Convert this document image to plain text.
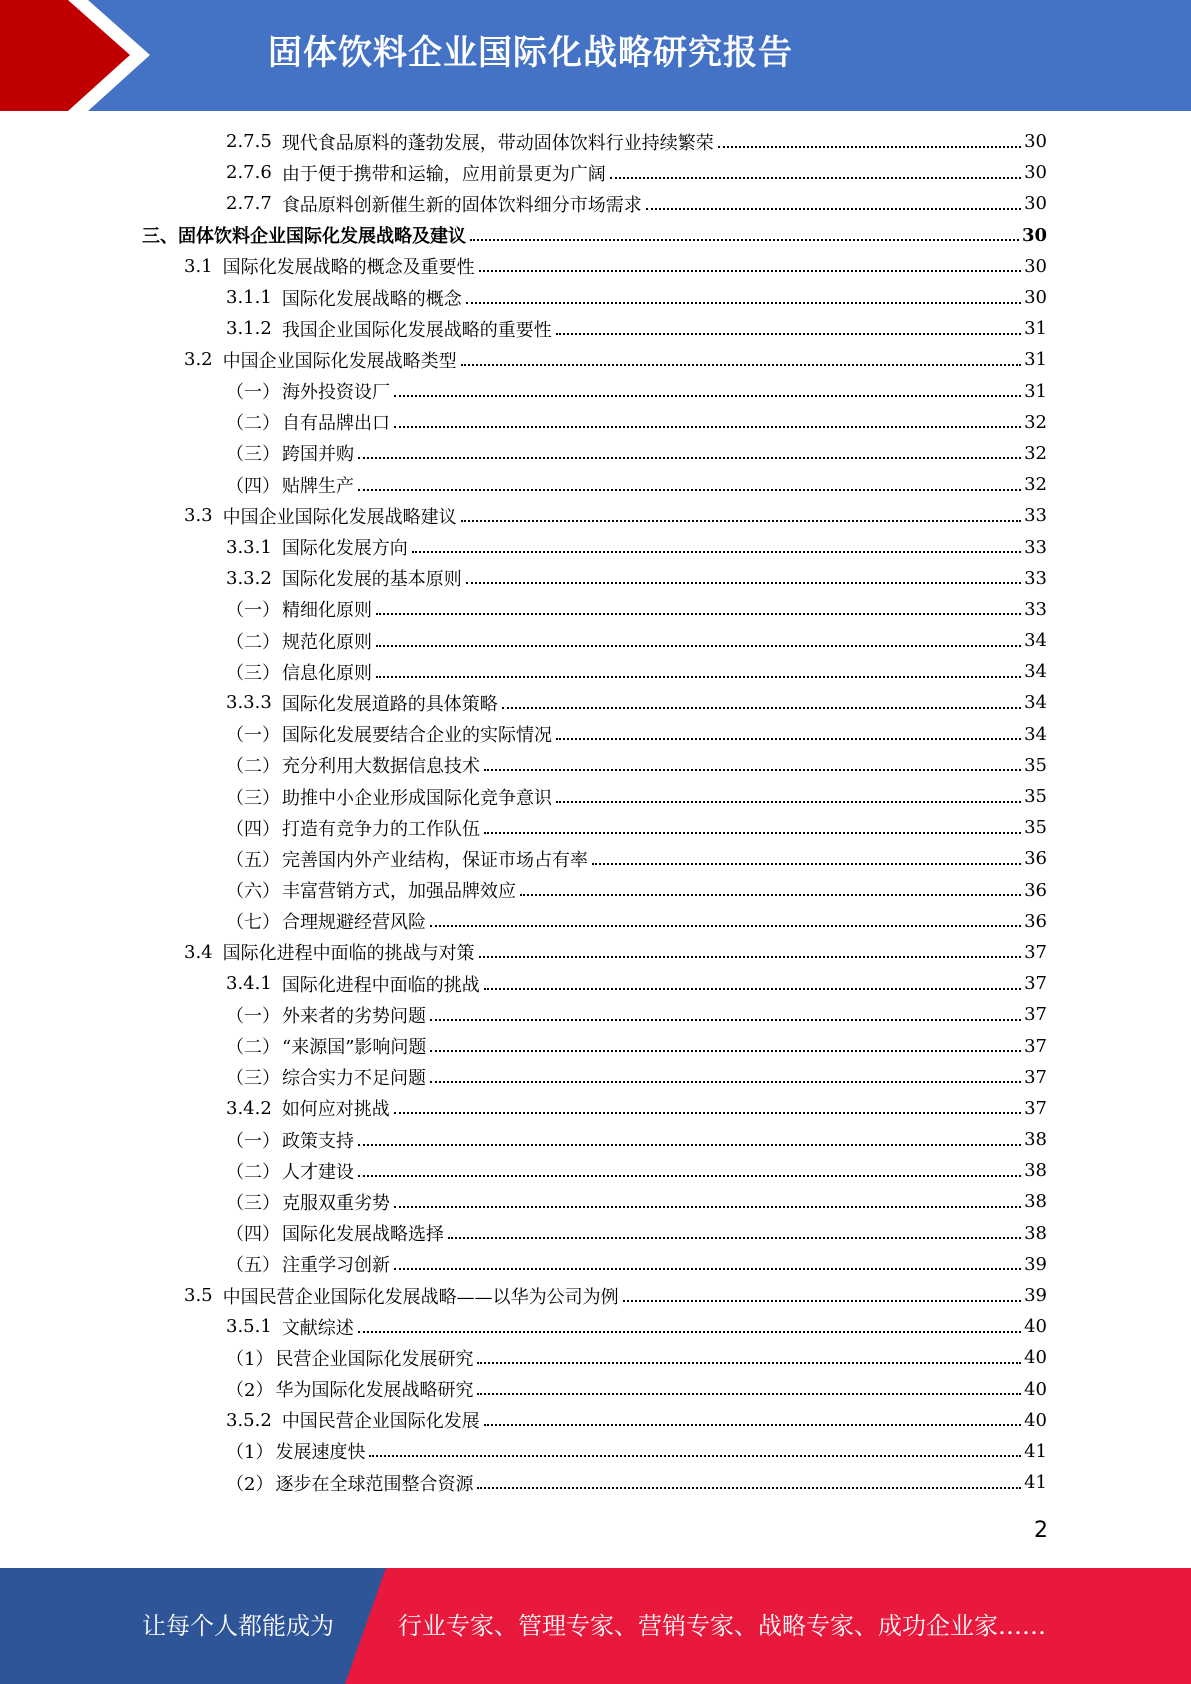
固体饮料企业国际化战略研究报告
2.7.5 现代食品原料的蓬勃发展，带动固体饮料行业持续繁荣	30
2.7.6 由于便于携带和运输，应用前景更为广阔	30
2.7.7 食品原料创新催生新的固体饮料细分市场需求	30
三、 固体饮料企业国际化发展战略及建议	30
3.1 国际化发展战略的概念及重要性	30
3.1.1 国际化发展战略的概念	30
3.1.2 我国企业国际化发展战略的重要性	31
3.2 中国企业国际化发展战略类型	31
（一） 海外投资设厂	31
（二） 自有品牌出口	32
（三） 跨国并购	32
（四） 贴牌生产	32
3.3 中国企业国际化发展战略建议	33
3.3.1 国际化发展方向	33
3.3.2 国际化发展的基本原则	33
（一） 精细化原则	33
（二） 规范化原则	34
（三） 信息化原则	34
3.3.3 国际化发展道路的具体策略	34
（一） 国际化发展要结合企业的实际情况	34
（二） 充分利用大数据信息技术	35
（三） 助推中小企业形成国际化竞争意识	35
（四） 打造有竞争力的工作队伍	35
（五） 完善国内外产业结构，保证市场占有率	36
（六） 丰富营销方式，加强品牌效应	36
（七） 合理规避经营风险	36
3.4 国际化进程中面临的挑战与对策	37
3.4.1 国际化进程中面临的挑战	37
（一） 外来者的劣势问题	37
（二） “来源国”影响问题	37
（三） 综合实力不足问题	37
3.4.2 如何应对挑战	37
（一） 政策支持	38
（二） 人才建设	38
（三） 克服双重劣势	38
（四） 国际化发展战略选择	38
（五） 注重学习创新	39
3.5 中国民营企业国际化发展战略——以华为公司为例	39
3.5.1 文献综述	40
（1） 民营企业国际化发展研究	40
（2） 华为国际化发展战略研究	40
3.5.2 中国民营企业国际化发展	40
（1） 发展速度快	41
（2） 逐步在全球范围整合资源	41
2
让每个人都能成为	行业专家、管理专家、营销专家、战略专家、成功企业家……
